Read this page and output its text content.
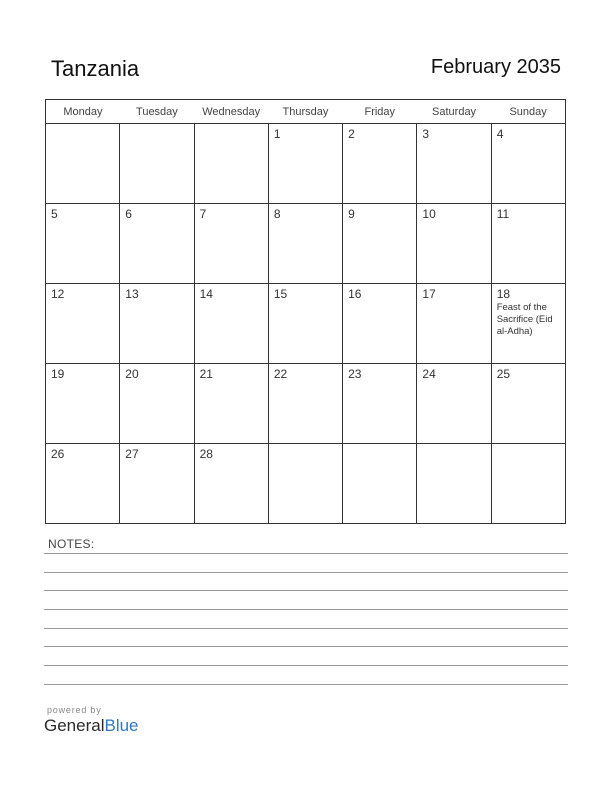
Tanzania	February 2035
Monday	Tuesday	Wednesday	Thursday	Friday	Saturday	Sunday

			1	2	3	4

5	6	7	8	9	10	11

12	13	14	15	16	17	18
Feast of the Sacrifice (Eid al-Adha)

19	20	21	22	23	24	25

26	27	28				

NOTES:
powered by
GeneralBlue
